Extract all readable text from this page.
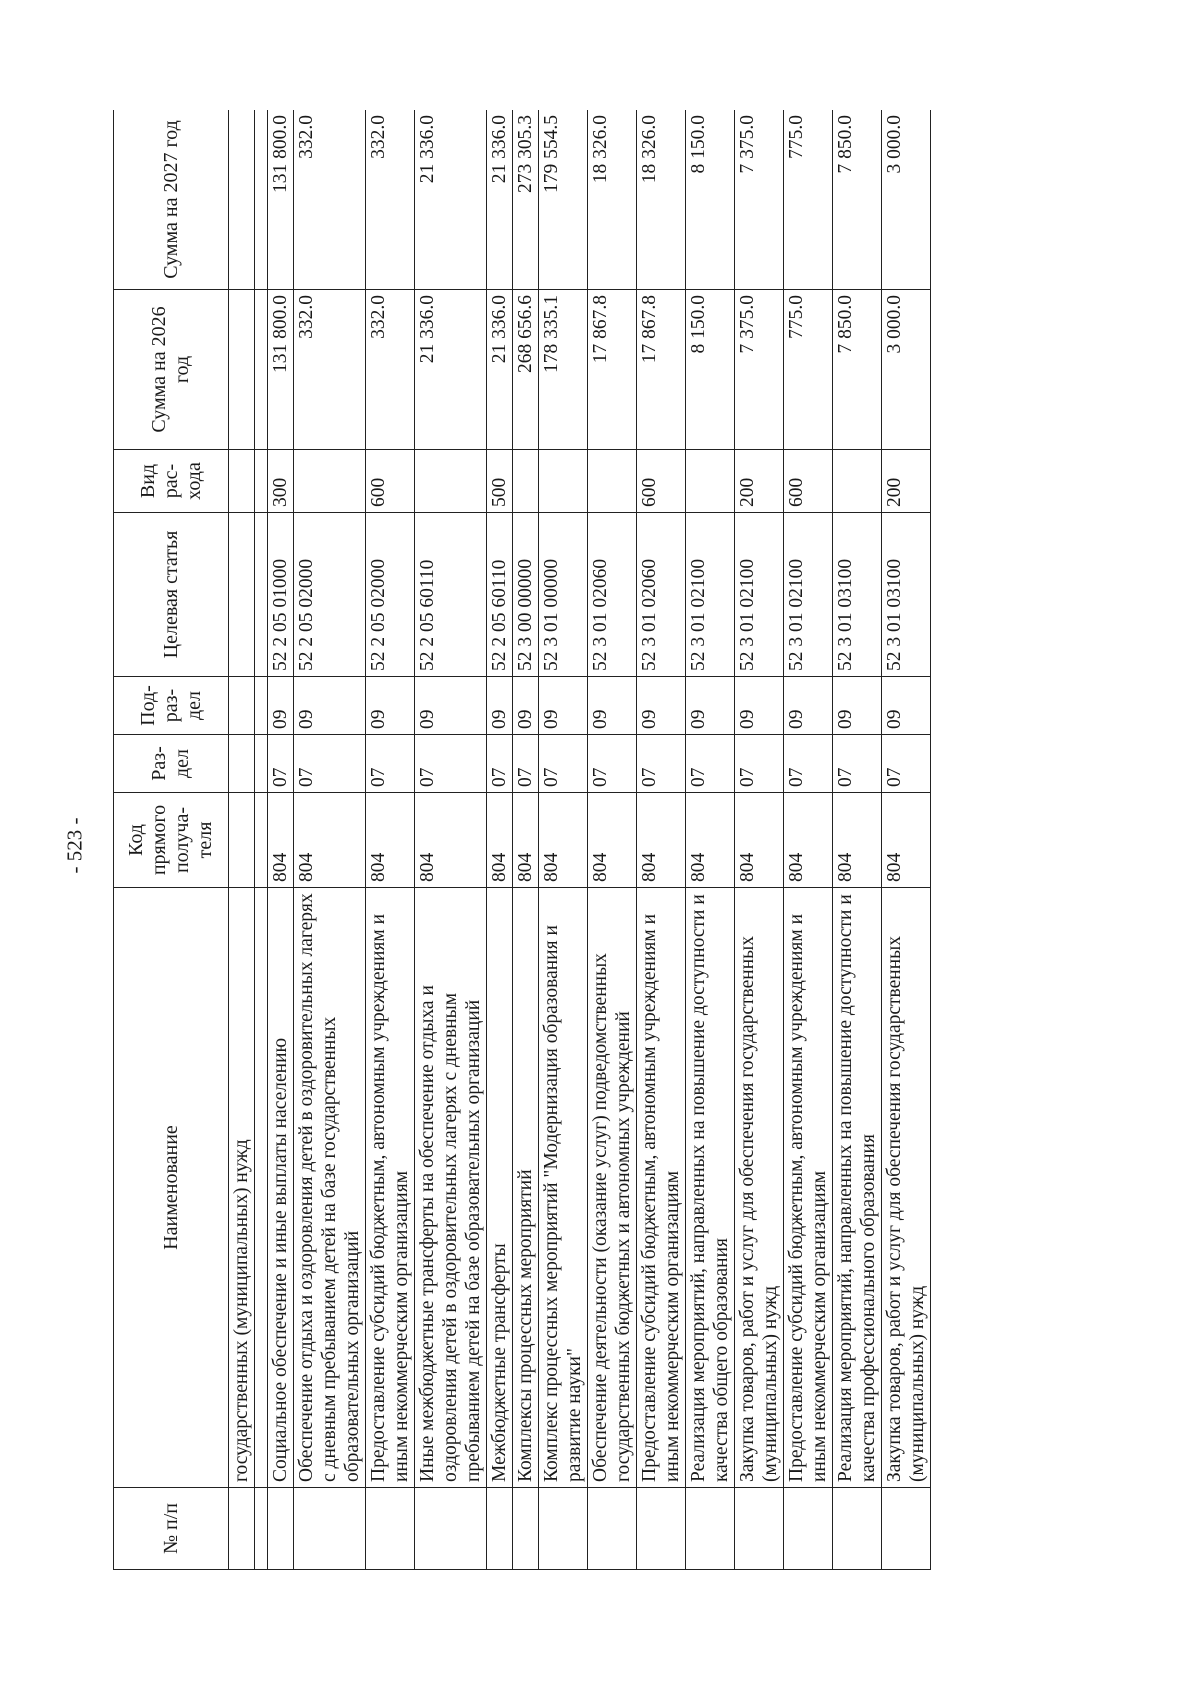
- 523 -
№ п/п	Наименование	Код прямого получа-теля	Раз-дел	Под-раз-дел	Целевая статья	Вид рас-хода	Сумма на 2026 год	Сумма на 2027 год
	государственных (муниципальных) нужд							

	Социальное обеспечение и иные выплаты населению	804	07	09	52 2 05 01000	300	131 800.0	131 800.0
	Обеспечение отдыха и оздоровления детей в оздоровительных лагерях с дневным пребыванием детей на базе государственных образовательных организаций	804	07	09	52 2 05 02000		332.0	332.0
	Предоставление субсидий бюджетным, автономным учреждениям и иным некоммерческим организациям	804	07	09	52 2 05 02000	600	332.0	332.0
	Иные межбюджетные трансферты на обеспечение отдыха и оздоровления детей в оздоровительных лагерях с дневным пребыванием детей на базе образовательных организаций	804	07	09	52 2 05 60110		21 336.0	21 336.0
	Межбюджетные трансферты	804	07	09	52 2 05 60110	500	21 336.0	21 336.0
	Комплексы процессных мероприятий	804	07	09	52 3 00 00000		268 656.6	273 305.3
	Комплекс процессных мероприятий "Модернизация образования и развитие науки"	804	07	09	52 3 01 00000		178 335.1	179 554.5
	Обеспечение деятельности (оказание услуг) подведомственных государственных бюджетных и автономных учреждений	804	07	09	52 3 01 02060		17 867.8	18 326.0
	Предоставление субсидий бюджетным, автономным учреждениям и иным некоммерческим организациям	804	07	09	52 3 01 02060	600	17 867.8	18 326.0
	Реализация мероприятий, направленных на повышение доступности и качества общего образования	804	07	09	52 3 01 02100		8 150.0	8 150.0
	Закупка товаров, работ и услуг для обеспечения государственных (муниципальных) нужд	804	07	09	52 3 01 02100	200	7 375.0	7 375.0
	Предоставление субсидий бюджетным, автономным учреждениям и иным некоммерческим организациям	804	07	09	52 3 01 02100	600	775.0	775.0
	Реализация мероприятий, направленных на повышение доступности и качества профессионального образования	804	07	09	52 3 01 03100		7 850.0	7 850.0
	Закупка товаров, работ и услуг для обеспечения государственных (муниципальных) нужд	804	07	09	52 3 01 03100	200	3 000.0	3 000.0
